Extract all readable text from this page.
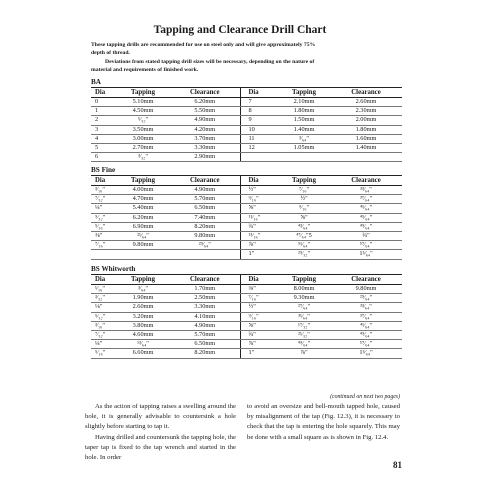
Tapping and Clearance Drill Chart

These tapping drills are recommended for use on steel only and will give approximately 75%

depth of thread.

Deviations from stated tapping drill sizes will be necessary, depending on the nature of

material and requirements of finished work.

BA
Dia	Tapping	Clearance	Dia	Tapping	Clearance
0	5.10mm	6.20mm	7	2.10mm	2.60mm
1	4.50mm	5.50mm	8	1.80mm	2.30mm
2	⁵⁄₃₂"	4.90mm	9	1.50mm	2.00mm
3	3.50mm	4.20mm	10	1.40mm	1.80mm
4	3.00mm	3.70mm	11	³⁄₆₄"	1.60mm
5	2.70mm	3.30mm	12	1.05mm	1.40mm
6	³⁄₃₂"	2.90mm			
BS Fine
Dia	Tapping	Clearance	Dia	Tapping	Clearance
³⁄₁₆"	4.00mm	4.90mm	½"	⁷⁄₁₆"	³³⁄₆₄"
⁷⁄₃₂"	4.70mm	5.70mm	⁹⁄₁₆"	½"	³⁷⁄₆₄"
¼"	5.40mm	6.50mm	⅝"	⁹⁄₁₆"	⁴¹⁄₆₄"
⁹⁄₃₂"	6.20mm	7.40mm	¹¹⁄₁₆"	⅝"	⁴⁵⁄₆₄"
⁵⁄₁₆"	6.90mm	8.20mm	¾"	⁴³⁄₆₄"	⁴⁹⁄₆₄"
⅜"	²¹⁄₆₄"	9.80mm	¹³⁄₁₆"	⁴⁷⁄₆₄"5	¾"
⁷⁄₁₆"	9.80mm	²⁹⁄₆₄"	⅞"	⁵¹⁄₆₄"	⁵⁷⁄₆₄"
			1"	²⁹⁄₃₂"	1⁵⁄₆₄"
BS Whitworth
Dia	Tapping	Clearance	Dia	Tapping	Clearance
¹⁄₁₆"	³⁄₆₄"	1.70mm	⅜"	8.00mm	9.80mm
³⁄₃₂"	1.90mm	2.50mm	⁷⁄₁₆"	9.30mm	²⁹⁄₆₄"
⅛"	2.60mm	3.30mm	½"	²⁷⁄₆₄"	³³⁄₆₄"
⁵⁄₃₂"	3.20mm	4.10mm	⁹⁄₁₆"	³¹⁄₆₄"	³⁷⁄₆₄"
³⁄₁₆"	3.80mm	4.90mm	⅝"	¹⁷⁄₃₂"	⁴¹⁄₆₄"
⁷⁄₃₂"	4.60mm	5.70mm	¾"	²¹⁄₃₂"	⁴⁹⁄₆₄"
¼"	¹³⁄₆₄"	6.50mm	⅞"	⁴⁹⁄₆₄"	⁵⁷⁄₆₄"
⁵⁄₁₆"	6.60mm	8.20mm	1"	⅞"	1⁵⁄₆₄"
(continued on next two pages)

As the action of tapping raises a swelling around the hole, it is generally advisable to countersink a hole slightly before starting to tap it.

Having drilled and countersunk the tapping hole, the taper tap is fixed to the tap wrench and started in the hole. In order

to avoid an oversize and bell-mouth tapped hole, caused by misalignment of the tap (Fig. 12.3), it is necessary to check that the tap is entering the hole squarely. This may be done with a small square as is shown in Fig. 12.4.

81
